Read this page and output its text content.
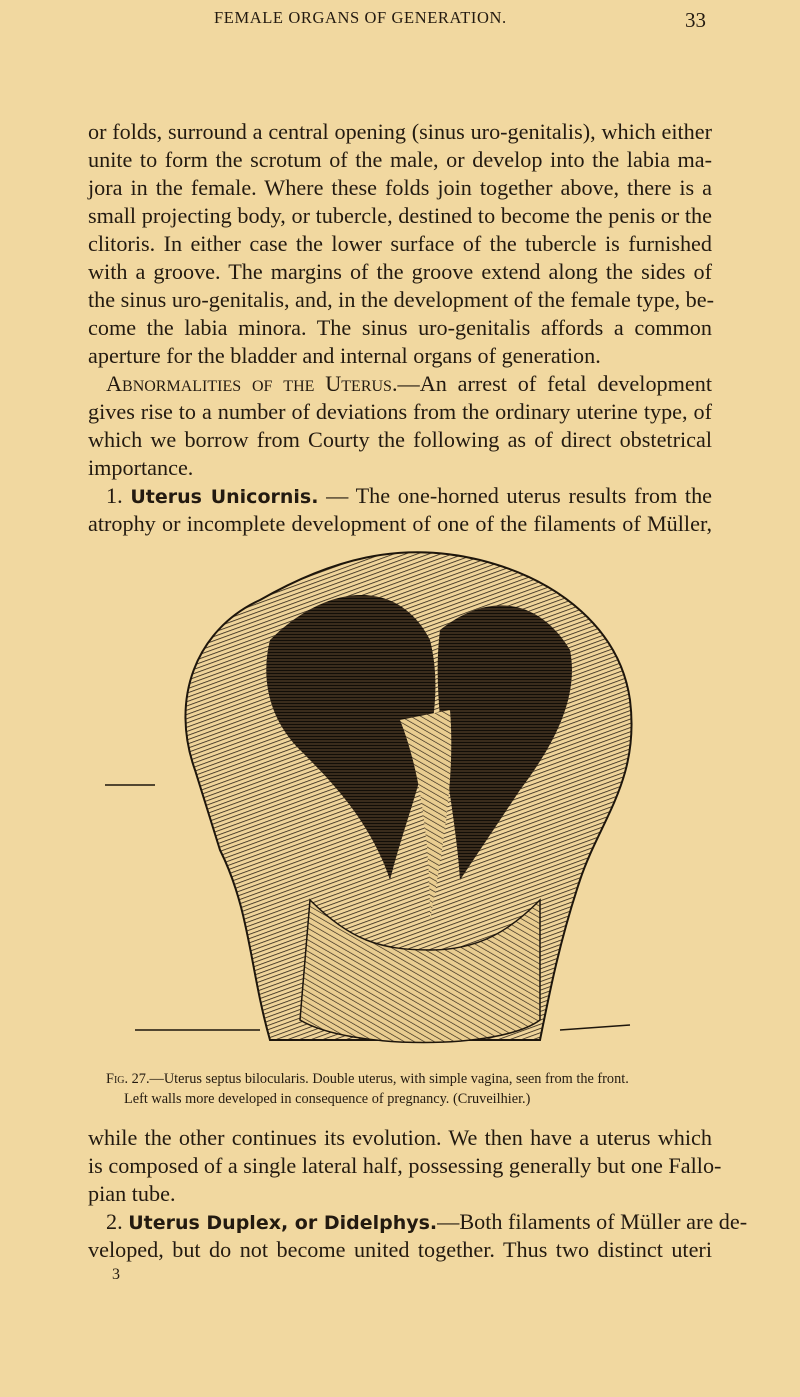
FEMALE ORGANS OF GENERATION.	33
or folds, surround a central opening (sinus uro-genitalis), which either
unite to form the scrotum of the male, or develop into the labia ma-
jora in the female. Where these folds join together above, there is a
small projecting body, or tubercle, destined to become the penis or the
clitoris. In either case the lower surface of the tubercle is furnished
with a groove. The margins of the groove extend along the sides of
the sinus uro-genitalis, and, in the development of the female type, be-
come the labia minora. The sinus uro-genitalis affords a common
aperture for the bladder and internal organs of generation.
Abnormalities of the Uterus.—An arrest of fetal development
gives rise to a number of deviations from the ordinary uterine type, of
which we borrow from Courty the following as of direct obstetrical
importance.
1. Uterus Unicornis. — The one-horned uterus results from the
atrophy or incomplete development of one of the filaments of Müller,
Fig. 27.—Uterus septus bilocularis. Double uterus, with simple vagina, seen from the front.
Left walls more developed in consequence of pregnancy. (Cruveilhier.)
while the other continues its evolution. We then have a uterus which
is composed of a single lateral half, possessing generally but one Fallo-
pian tube.
2. Uterus Duplex, or Didelphys.—Both filaments of Müller are de-
veloped, but do not become united together. Thus two distinct uteri
3
